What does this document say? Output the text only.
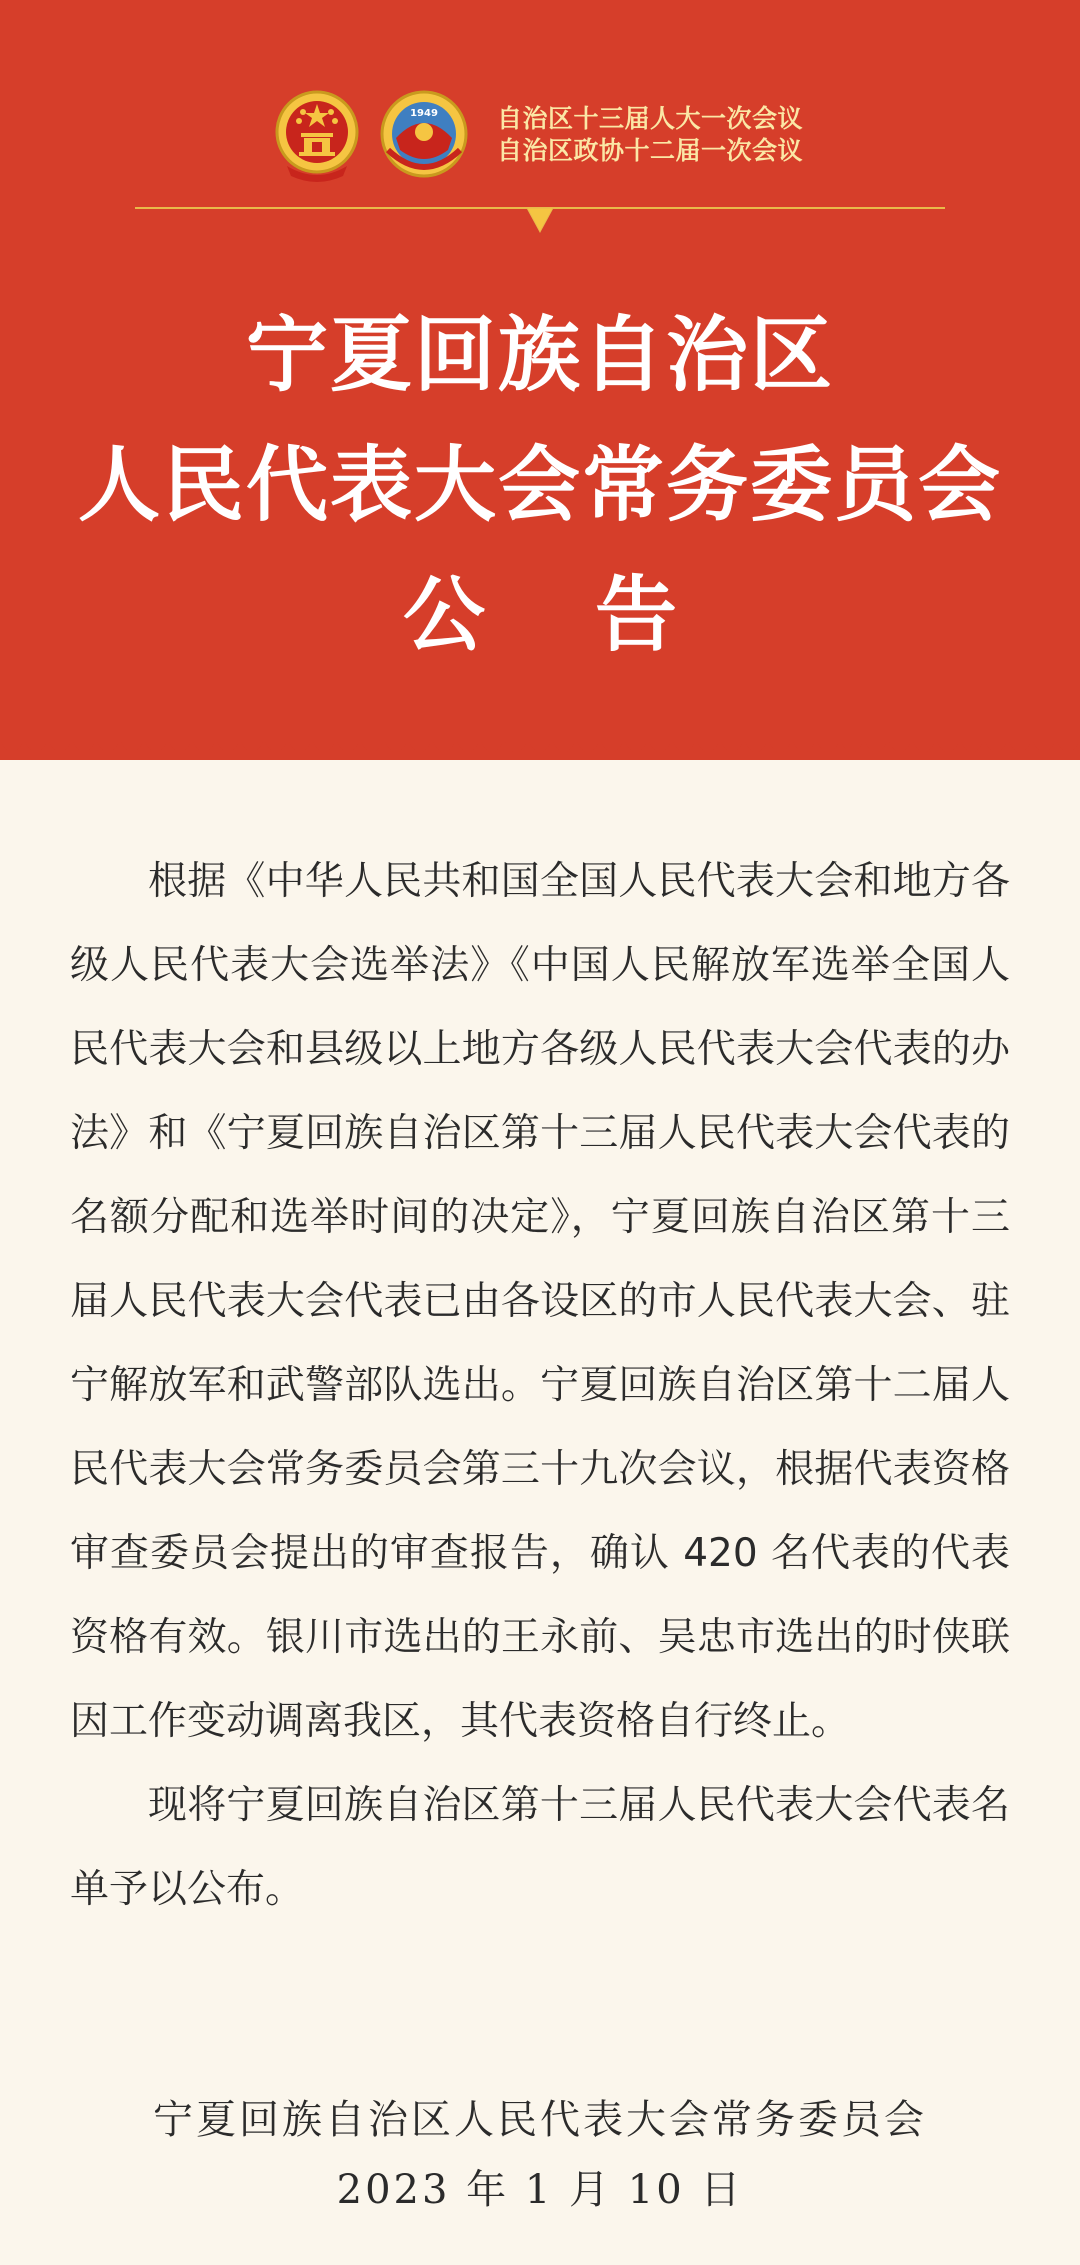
1949 自治区十三届人大一次会议
自治区政协十二届一次会议
宁夏回族自治区
人民代表大会常务委员会
公告

根据《中华人民共和国全国人民代表大会和地方各级人民代表大会选举法》《中国人民解放军选举全国人民代表大会和县级以上地方各级人民代表大会代表的办法》和《宁夏回族自治区第十三届人民代表大会代表的名额分配和选举时间的决定》，宁夏回族自治区第十三届人民代表大会代表已由各设区的市人民代表大会、驻宁解放军和武警部队选出。宁夏回族自治区第十二届人民代表大会常务委员会第三十九次会议，根据代表资格审查委员会提出的审查报告，确认 420 名代表的代表资格有效。银川市选出的王永前、吴忠市选出的时侠联因工作变动调离我区，其代表资格自行终止。

现将宁夏回族自治区第十三届人民代表大会代表名单予以公布。

宁夏回族自治区人民代表大会常务委员会
2023 年 1 月 10 日
